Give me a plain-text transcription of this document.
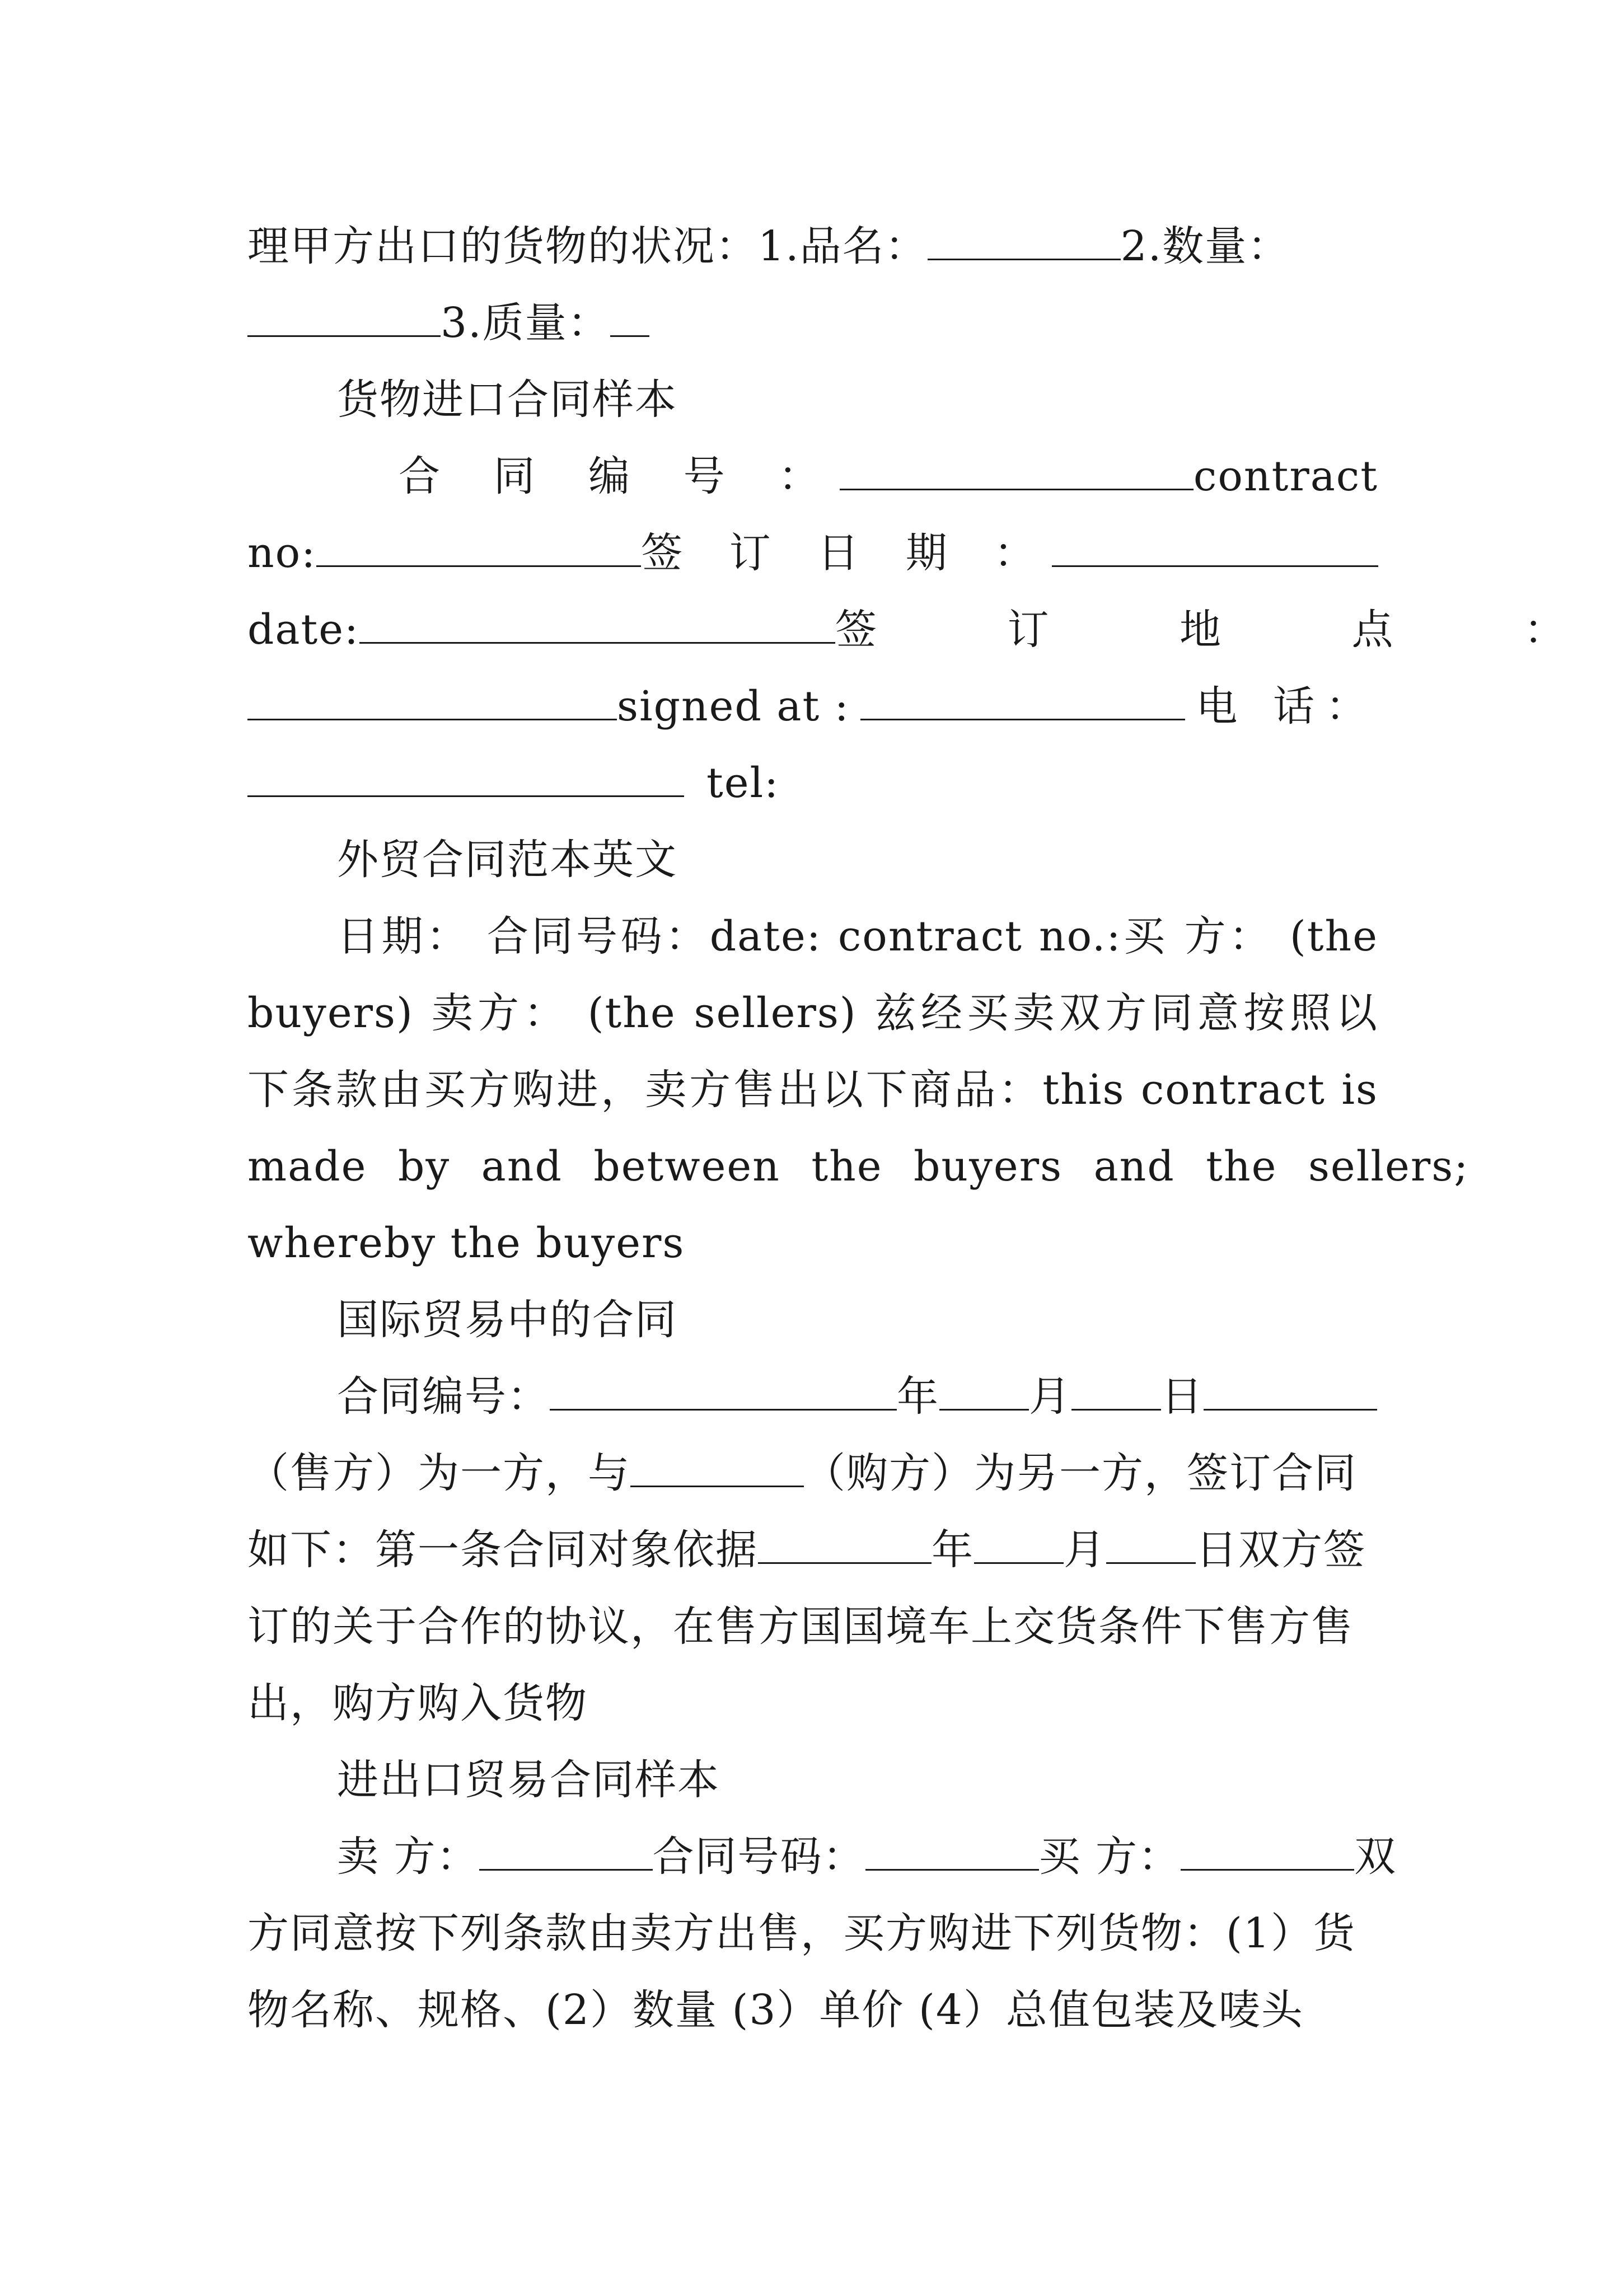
理甲方出口的货物的状况：1.品名：	2.数量：
3.质量：
货物进口合同样本
合 同 编 号 ：	contract
no:	签 订 日 期 ：
date:	签 订 地 点 ：
signed at :	电 话：
tel:
外贸合同范本英文
日期： 合同号码：date: contract no.:买 方： (the
buyers) 卖方： (the sellers) 兹经买卖双方同意按照以
下条款由买方购进，卖方售出以下商品：this contract is
made by and between the buyers and the sellers;
whereby the buyers
国际贸易中的合同
合同编号：	年 月 日
（售方）为一方，与	（购方）为另一方，签订合同
如下：第一条合同对象依据	年 月 日双方签
订的关于合作的协议，在售方国国境车上交货条件下售方售
出，购方购入货物
进出口贸易合同样本
卖 方：	合同号码：	买 方：	双
方同意按下列条款由卖方出售，买方购进下列货物：(1）货
物名称、规格、(2）数量 (3）单价 (4）总值包装及唛头
